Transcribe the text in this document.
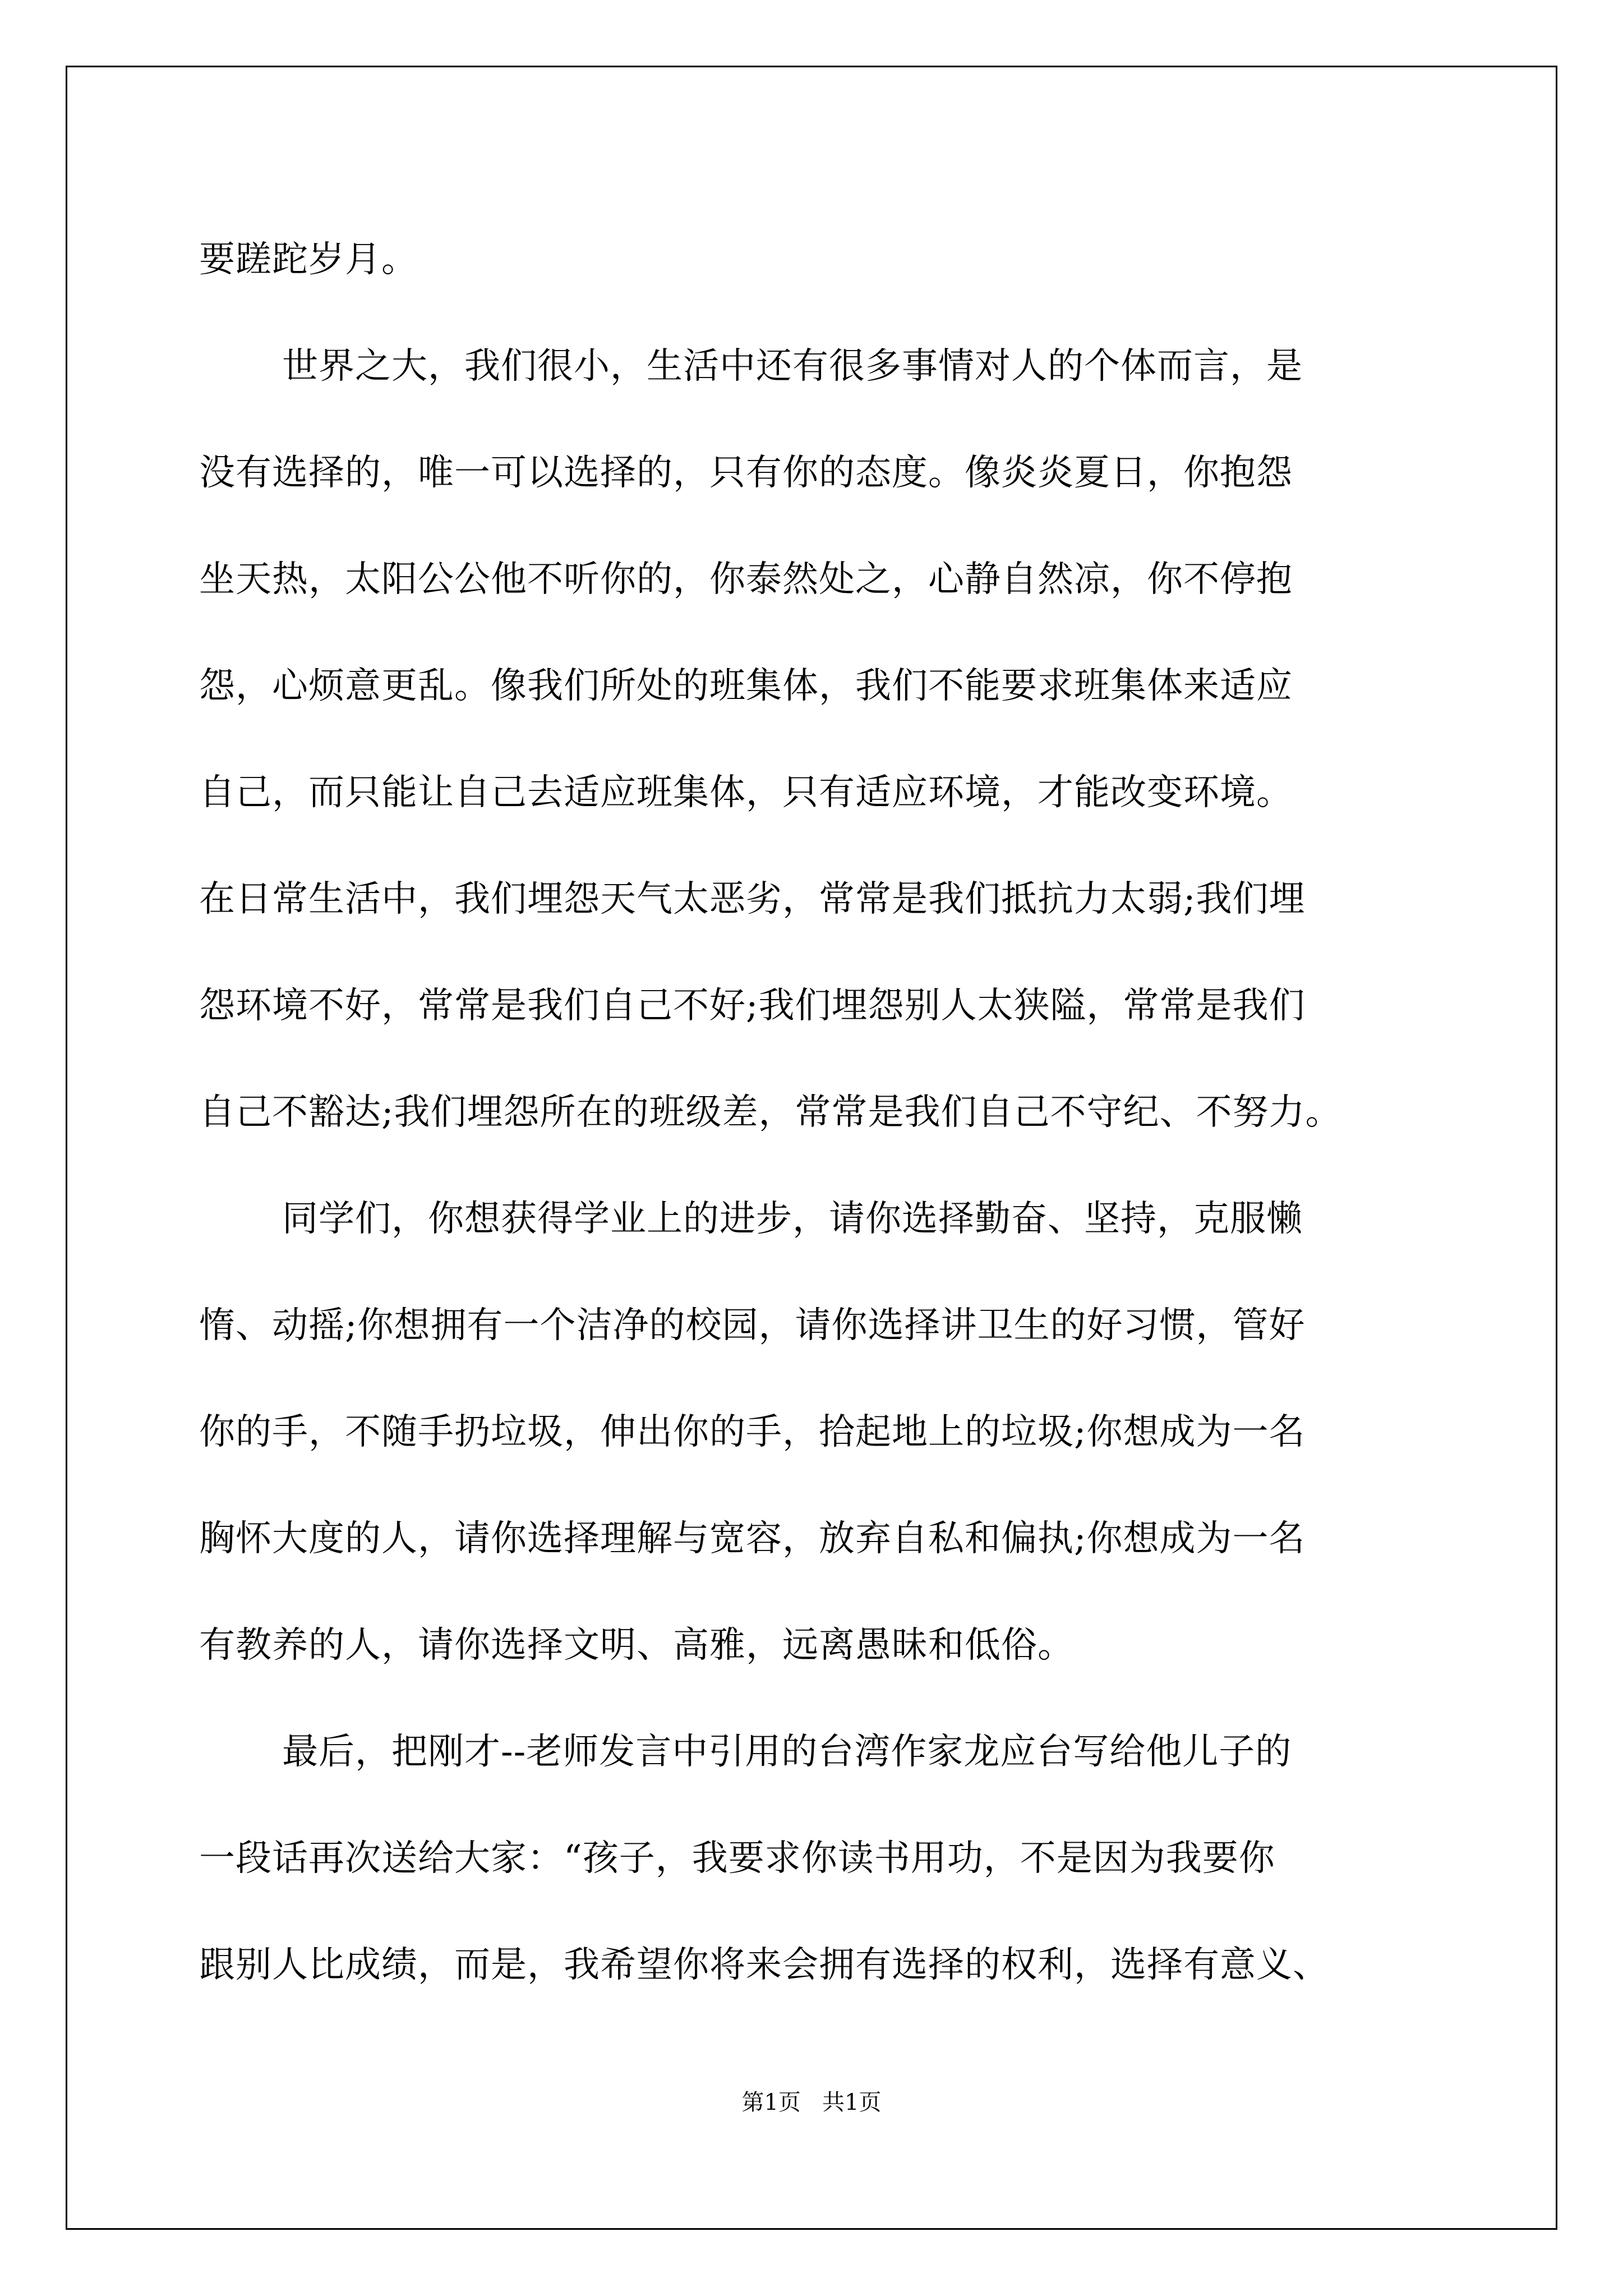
要蹉跎岁月。
世界之大，我们很小，生活中还有很多事情对人的个体而言，是
没有选择的，唯一可以选择的，只有你的态度。像炎炎夏日，你抱怨
坐天热，太阳公公他不听你的，你泰然处之，心静自然凉，你不停抱
怨，心烦意更乱。像我们所处的班集体，我们不能要求班集体来适应
自己，而只能让自己去适应班集体，只有适应环境，才能改变环境。
在日常生活中，我们埋怨天气太恶劣，常常是我们抵抗力太弱;我们埋
怨环境不好，常常是我们自己不好;我们埋怨别人太狭隘，常常是我们
自己不豁达;我们埋怨所在的班级差，常常是我们自己不守纪、不努力。
同学们，你想获得学业上的进步，请你选择勤奋、坚持，克服懒
惰、动摇;你想拥有一个洁净的校园，请你选择讲卫生的好习惯，管好
你的手，不随手扔垃圾，伸出你的手，拾起地上的垃圾;你想成为一名
胸怀大度的人，请你选择理解与宽容，放弃自私和偏执;你想成为一名
有教养的人，请你选择文明、高雅，远离愚昧和低俗。
最后，把刚才--老师发言中引用的台湾作家龙应台写给他儿子的
一段话再次送给大家：“孩子，我要求你读书用功，不是因为我要你
跟别人比成绩，而是，我希望你将来会拥有选择的权利，选择有意义、
第1页   共1页
